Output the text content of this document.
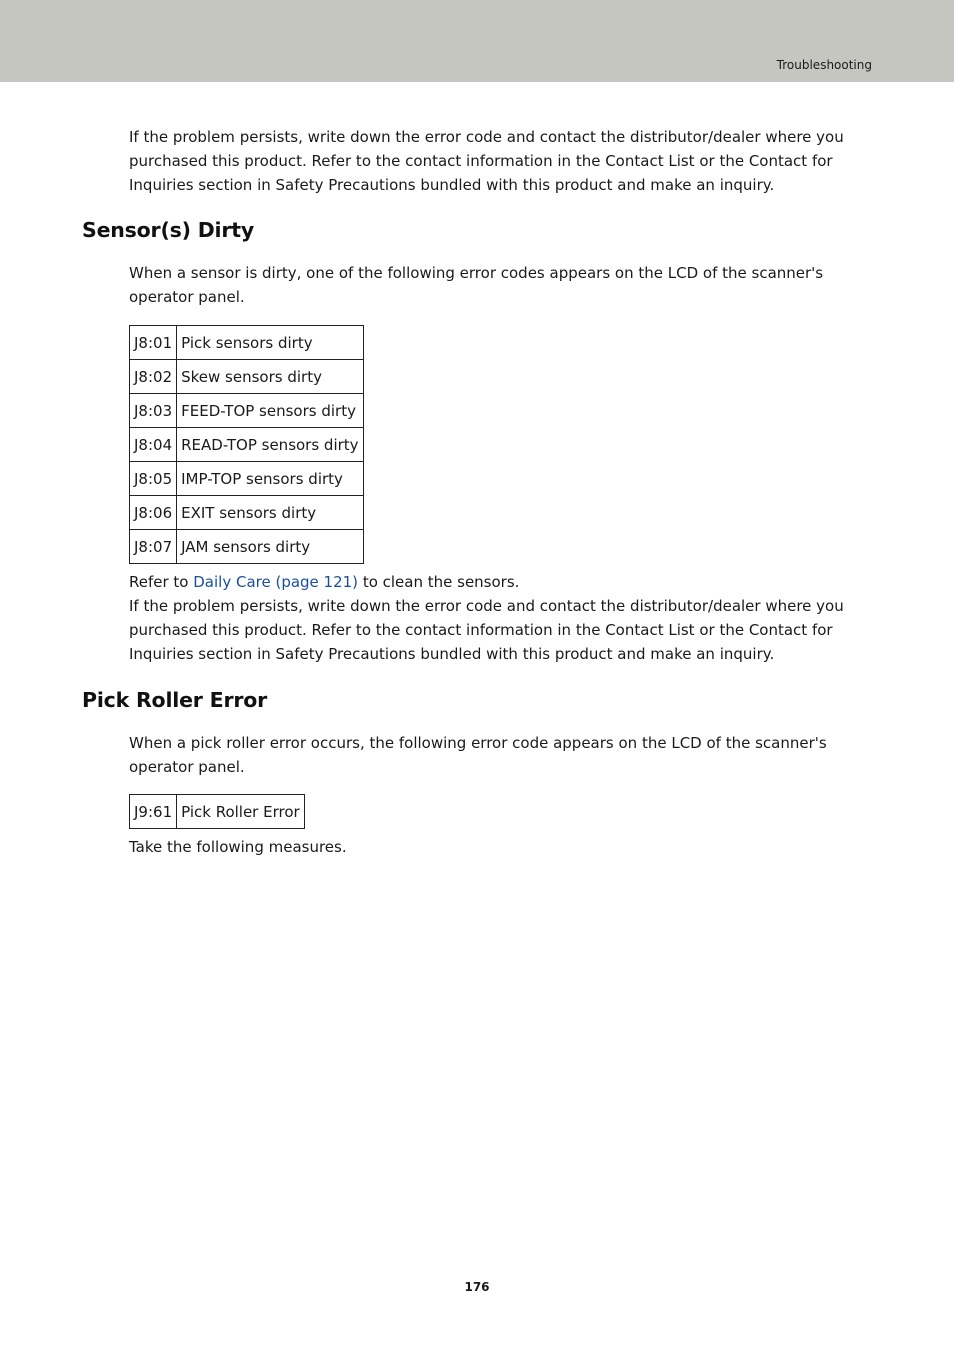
Troubleshooting

If the problem persists, write down the error code and contact the distributor/dealer where you purchased this product. Refer to the contact information in the Contact List or the Contact for Inquiries section in Safety Precautions bundled with this product and make an inquiry.

Sensor(s) Dirty

When a sensor is dirty, one of the following error codes appears on the LCD of the scanner's operator panel.

J8:01	Pick sensors dirty
J8:02	Skew sensors dirty
J8:03	FEED-TOP sensors dirty
J8:04	READ-TOP sensors dirty
J8:05	IMP-TOP sensors dirty
J8:06	EXIT sensors dirty
J8:07	JAM sensors dirty

Refer to Daily Care (page 121) to clean the sensors.

If the problem persists, write down the error code and contact the distributor/dealer where you purchased this product. Refer to the contact information in the Contact List or the Contact for Inquiries section in Safety Precautions bundled with this product and make an inquiry.

Pick Roller Error

When a pick roller error occurs, the following error code appears on the LCD of the scanner's operator panel.

J9:61	Pick Roller Error

Take the following measures.

176
